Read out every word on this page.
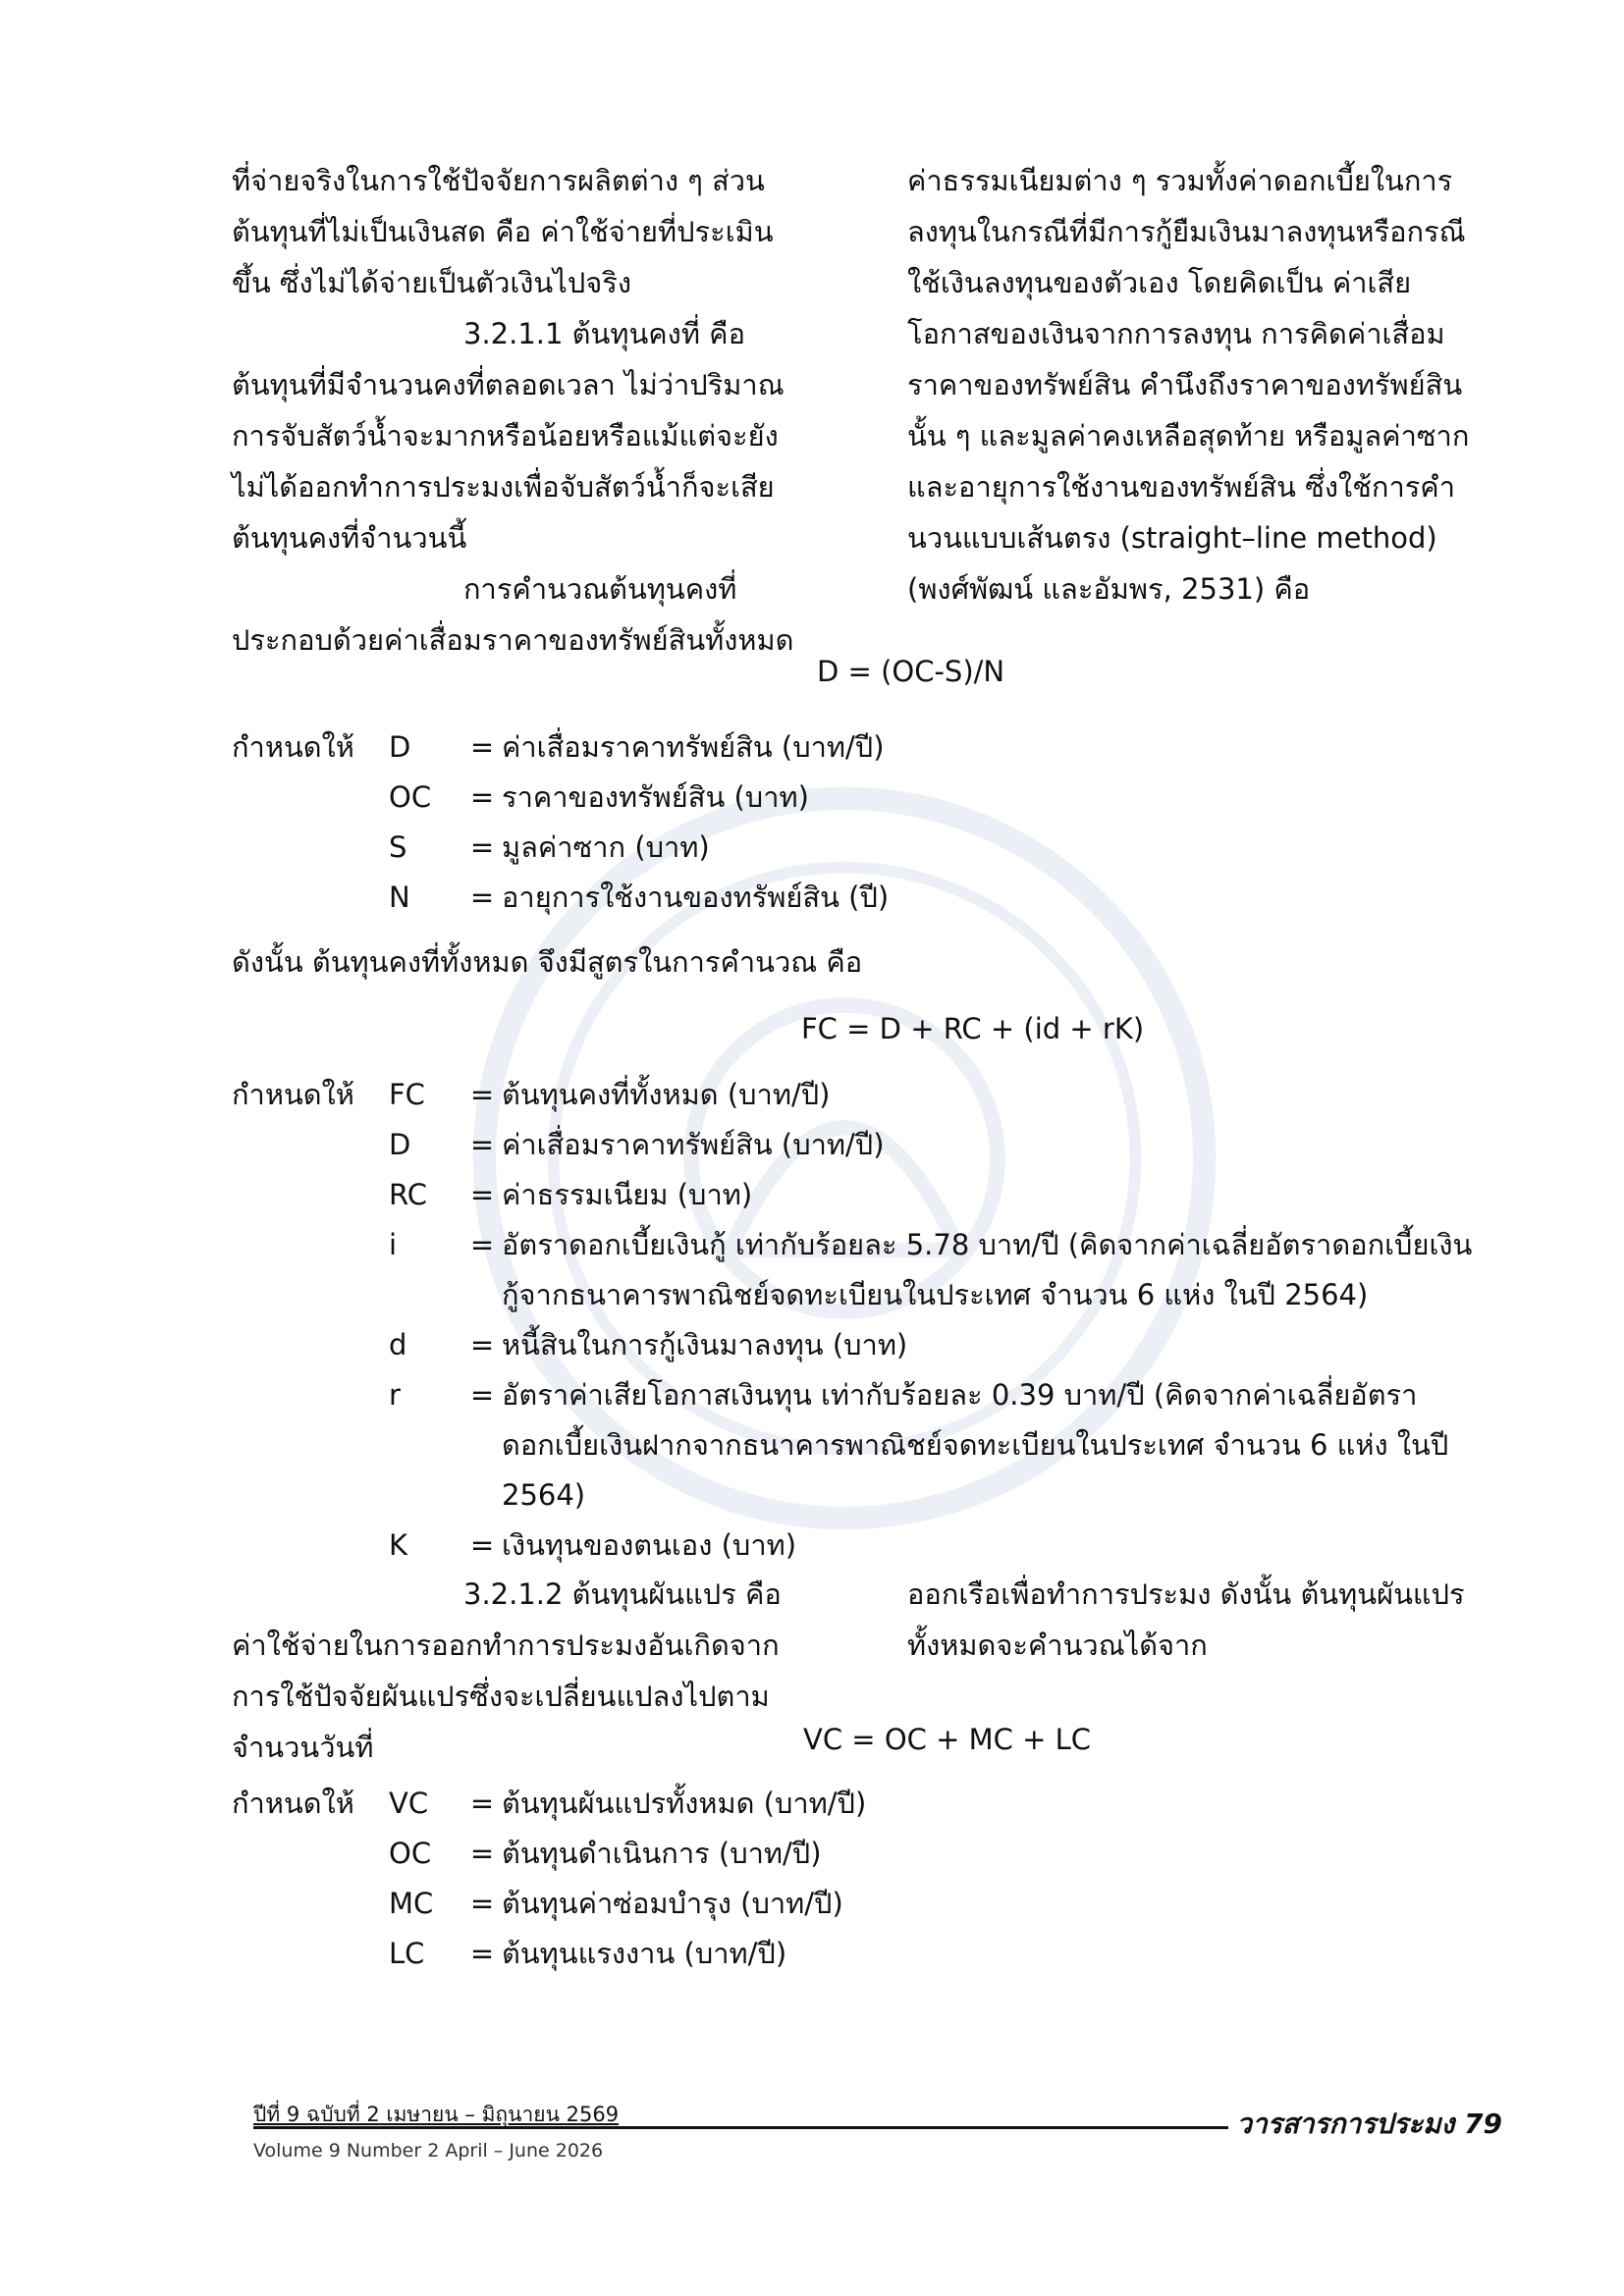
ที่จ่ายจริงในการใช้ปัจจัยการผลิตต่าง ๆ ส่วนต้นทุนที่ไม่เป็นเงินสด คือ ค่าใช้จ่ายที่ประเมินขึ้น ซึ่งไม่ได้จ่ายเป็นตัวเงินไปจริง

3.2.1.1 ต้นทุนคงที่ คือ ต้นทุนที่มีจำนวนคงที่ตลอดเวลา ไม่ว่าปริมาณการจับสัตว์น้ำจะมากหรือน้อยหรือแม้แต่จะยังไม่ได้ออกทำการประมงเพื่อจับสัตว์น้ำก็จะเสียต้นทุนคงที่จำนวนนี้

การคำนวณต้นทุนคงที่ประกอบด้วยค่าเสื่อมราคาของทรัพย์สินทั้งหมด

ค่าธรรมเนียมต่าง ๆ รวมทั้งค่าดอกเบี้ยในการลงทุนในกรณีที่มีการกู้ยืมเงินมาลงทุนหรือกรณีใช้เงินลงทุนของตัวเอง โดยคิดเป็น ค่าเสียโอกาสของเงินจากการลงทุน การคิดค่าเสื่อมราคาของทรัพย์สิน คำนึงถึงราคาของทรัพย์สินนั้น ๆ และมูลค่าคงเหลือสุดท้าย หรือมูลค่าซาก และอายุการใช้งานของทรัพย์สิน ซึ่งใช้การคำนวนแบบเส้นตรง (straight–line method) (พงศ์พัฒน์ และอัมพร, 2531) คือ

D = (OC-S)/N
กำหนดให้	D	= ค่าเสื่อมราคาทรัพย์สิน (บาท/ปี)
OC	= ราคาของทรัพย์สิน (บาท)
S	= มูลค่าซาก (บาท)
N	= อายุการใช้งานของทรัพย์สิน (ปี)
ดังนั้น ต้นทุนคงที่ทั้งหมด จึงมีสูตรในการคำนวณ คือ
FC = D + RC + (id + rK)
กำหนดให้	FC	= ต้นทุนคงที่ทั้งหมด (บาท/ปี)
D	= ค่าเสื่อมราคาทรัพย์สิน (บาท/ปี)
RC	= ค่าธรรมเนียม (บาท)
i	= อัตราดอกเบี้ยเงินกู้ เท่ากับร้อยละ 5.78 บาท/ปี (คิดจากค่าเฉลี่ยอัตราดอกเบี้ยเงินกู้จากธนาคารพาณิชย์จดทะเบียนในประเทศ จำนวน 6 แห่ง ในปี 2564)
d	= หนี้สินในการกู้เงินมาลงทุน (บาท)
r	= อัตราค่าเสียโอกาสเงินทุน เท่ากับร้อยละ 0.39 บาท/ปี (คิดจากค่าเฉลี่ยอัตราดอกเบี้ยเงินฝากจากธนาคารพาณิชย์จดทะเบียนในประเทศ จำนวน 6 แห่ง ในปี 2564)
K	= เงินทุนของตนเอง (บาท)

3.2.1.2 ต้นทุนผันแปร คือ ค่าใช้จ่ายในการออกทำการประมงอันเกิดจากการใช้ปัจจัยผันแปรซึ่งจะเปลี่ยนแปลงไปตามจำนวนวันที่

ออกเรือเพื่อทำการประมง ดังนั้น ต้นทุนผันแปรทั้งหมดจะคำนวณได้จาก

VC = OC + MC + LC
กำหนดให้	VC	= ต้นทุนผันแปรทั้งหมด (บาท/ปี)
OC	= ต้นทุนดำเนินการ (บาท/ปี)
MC	= ต้นทุนค่าซ่อมบำรุง (บาท/ปี)
LC	= ต้นทุนแรงงาน (บาท/ปี)
ปีที่ 9 ฉบับที่ 2 เมษายน – มิถุนายน 2569
Volume 9 Number 2 April – June 2026
วารสารการประมง 79
